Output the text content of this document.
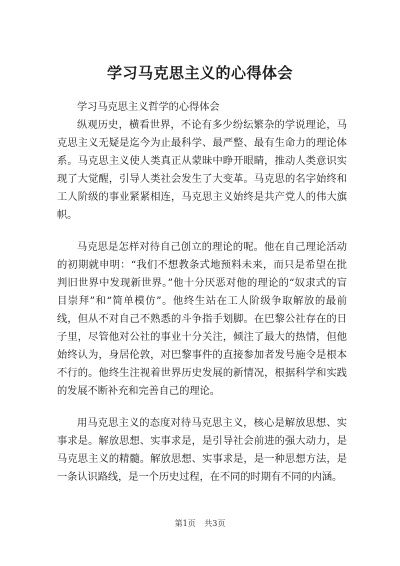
学习马克思主义的心得体会

学习马克思主义哲学的心得体会

纵观历史，横看世界，不论有多少纷纭繁杂的学说理论，马克思主义无疑是迄今为止最科学、最严整、最有生命力的理论体系。马克思主义使人类真正从蒙昧中睁开眼睛，推动人类意识实现了大觉醒，引导人类社会发生了大变革。马克思的名字始终和工人阶级的事业紧紧相连，马克思主义始终是共产党人的伟大旗帜。

马克思是怎样对待自己创立的理论的呢。他在自己理论活动的初期就申明：“我们不想教条式地预料未来，而只是希望在批判旧世界中发现新世界。”他十分厌恶对他的理论的“奴隶式的盲目崇拜”和“简单模仿”。他终生站在工人阶级争取解放的最前线，但从不对自己不熟悉的斗争指手划脚。在巴黎公社存在的日子里，尽管他对公社的事业十分关注，倾注了最大的热情，但他始终认为，身居伦敦，对巴黎事件的直接参加者发号施令是根本不行的。他终生注视着世界历史发展的新情况，根据科学和实践的发展不断补充和完善自己的理论。

用马克思主义的态度对待马克思主义，核心是解放思想、实事求是。解放思想、实事求是，是引导社会前进的强大动力，是马克思主义的精髓。解放思想、实事求是，是一种思想方法，是一条认识路线，是一个历史过程，在不同的时期有不同的内涵。

第1页 共3页
